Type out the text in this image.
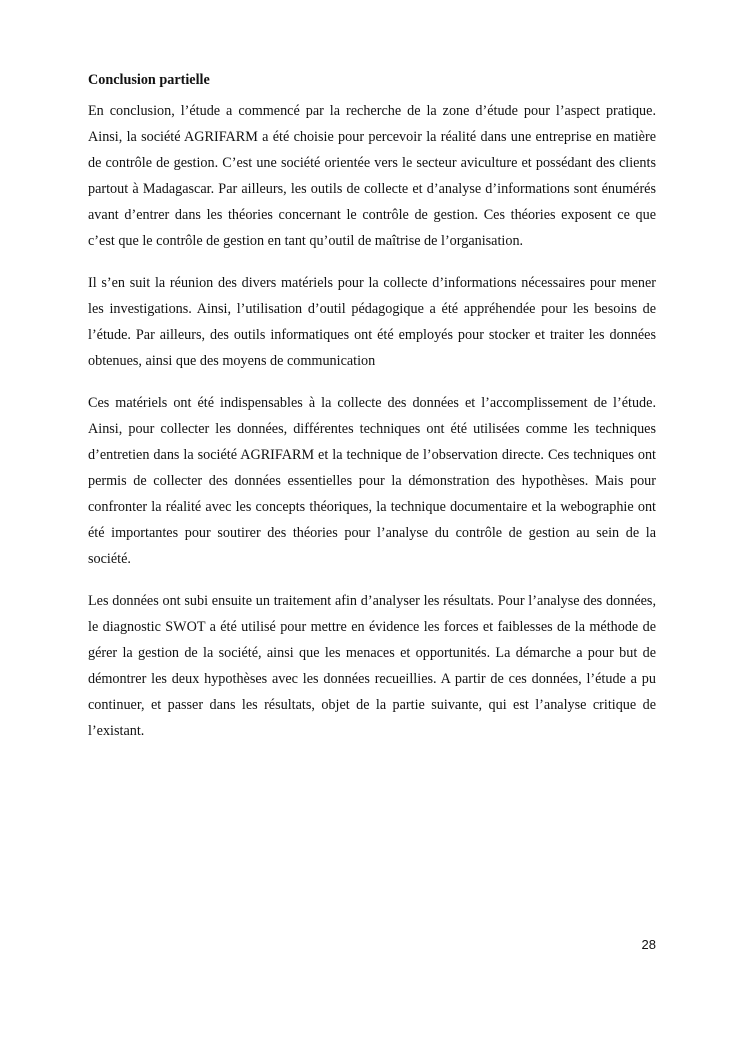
Conclusion partielle

En conclusion, l’étude a commencé par la recherche de la zone d’étude pour l’aspect pratique. Ainsi, la société AGRIFARM a été choisie pour percevoir la réalité dans une entreprise en matière de contrôle de gestion. C’est une société orientée vers le secteur aviculture et possédant des clients partout à Madagascar. Par ailleurs, les outils de collecte et d’analyse d’informations sont énumérés avant d’entrer dans les théories concernant le contrôle de gestion. Ces théories exposent ce que c’est que le contrôle de gestion en tant qu’outil de maîtrise de l’organisation.

Il s’en suit la réunion des divers matériels pour la collecte d’informations nécessaires pour mener les investigations. Ainsi, l’utilisation d’outil pédagogique a été appréhendée pour les besoins de l’étude. Par ailleurs, des outils informatiques ont été employés pour stocker et traiter les données obtenues, ainsi que des moyens de communication

Ces matériels ont été indispensables à la collecte des données et l’accomplissement de l’étude. Ainsi, pour collecter les données, différentes techniques ont été utilisées comme les techniques d’entretien dans la société AGRIFARM et la technique de l’observation directe. Ces techniques ont permis de collecter des données essentielles pour la démonstration des hypothèses. Mais pour confronter la réalité avec les concepts théoriques, la technique documentaire et la webographie ont été importantes pour soutirer des théories pour l’analyse du contrôle de gestion au sein de la société.

Les données ont subi ensuite un traitement afin d’analyser les résultats. Pour l’analyse des données, le diagnostic SWOT a été utilisé pour mettre en évidence les forces et faiblesses de la méthode de gérer la gestion de la société, ainsi que les menaces et opportunités. La démarche a pour but de démontrer les deux hypothèses avec les données recueillies. A partir de ces données, l’étude a pu continuer, et passer dans les résultats, objet de la partie suivante, qui est l’analyse critique de l’existant.

28
